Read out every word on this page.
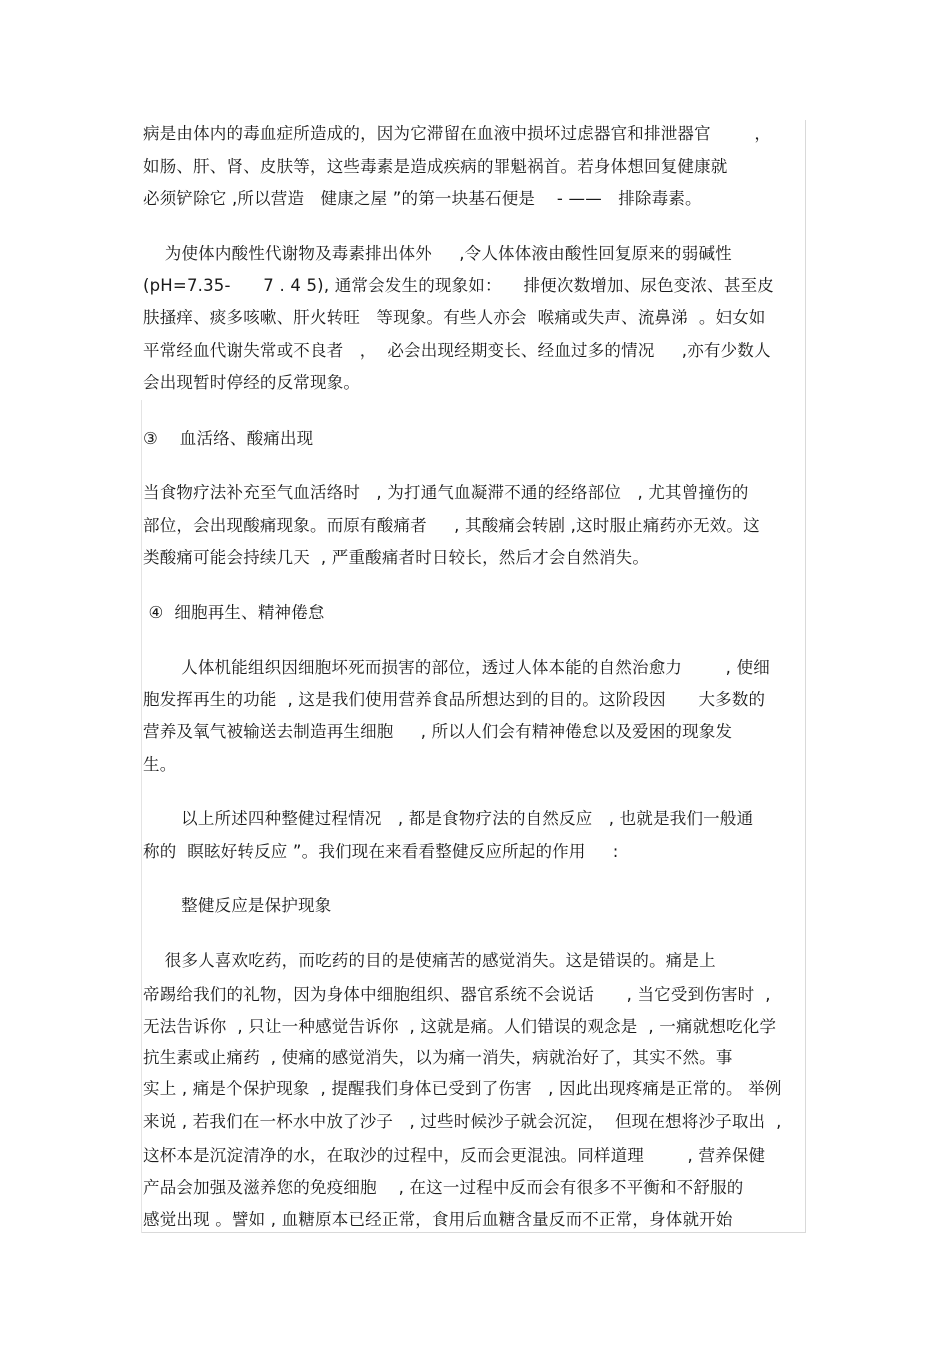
病是由体内的毒血症所造成的，因为它滞留在血液中损坏过虑器官和排泄器官        ，
如肠、肝、肾、皮肤等，这些毒素是造成疾病的罪魁祸首。若身体想回复健康就
必须铲除它 ,所以营造   健康之屋 ”的第一块基石便是    - ——   排除毒素。
为使体内酸性代谢物及毒素排出体外     ,令人体体液由酸性回复原来的弱碱性
(pH=7.35-      7 . 4 5), 通常会发生的现象如：    排便次数增加、尿色变浓、甚至皮
肤搔痒、痰多咳嗽、肝火转旺   等现象。有些人亦会  喉痛或失声、流鼻涕  。妇女如
平常经血代谢失常或不良者   ，  必会出现经期变长、经血过多的情况     ,亦有少数人
会出现暂时停经的反常现象。
③    血活络、酸痛出现
当食物疗法补充至气血活络时   , 为打通气血凝滞不通的经络部位   , 尤其曾撞伤的
部位，会出现酸痛现象。而原有酸痛者     , 其酸痛会转剧 ,这时服止痛药亦无效。这
类酸痛可能会持续几天  , 严重酸痛者时日较长，然后才会自然消失。
④  细胞再生、精神倦怠
人体机能组织因细胞坏死而损害的部位，透过人体本能的自然治愈力        , 使细
胞发挥再生的功能  , 这是我们使用营养食品所想达到的目的。这阶段因      大多数的
营养及氧气被输送去制造再生细胞     , 所以人们会有精神倦怠以及爱困的现象发
生。
以上所述四种整健过程情况   , 都是食物疗法的自然反应   , 也就是我们一般通
称的  瞑眩好转反应 ”。我们现在来看看整健反应所起的作用     :
整健反应是保护现象
很多人喜欢吃药，而吃药的目的是使痛苦的感觉消失。这是错误的。痛是上
帝踢给我们的礼物，因为身体中细胞组织、器官系统不会说话      , 当它受到伤害时  ,
无法告诉你  , 只让一种感觉告诉你  , 这就是痛。人们错误的观念是  , 一痛就想吃化学
抗生素或止痛药  , 使痛的感觉消失，以为痛一消失，病就治好了，其实不然。事
实上 , 痛是个保护现象  , 提醒我们身体已受到了伤害   , 因此出现疼痛是正常的。 举例
来说 , 若我们在一杯水中放了沙子   , 过些时候沙子就会沉淀，  但现在想将沙子取出  ,
这杯本是沉淀清净的水，在取沙的过程中，反而会更混浊。同样道理        , 营养保健
产品会加强及滋养您的免疫细胞    , 在这一过程中反而会有很多不平衡和不舒服的
感觉出现 。譬如 , 血糖原本已经正常，食用后血糖含量反而不正常，身体就开始
